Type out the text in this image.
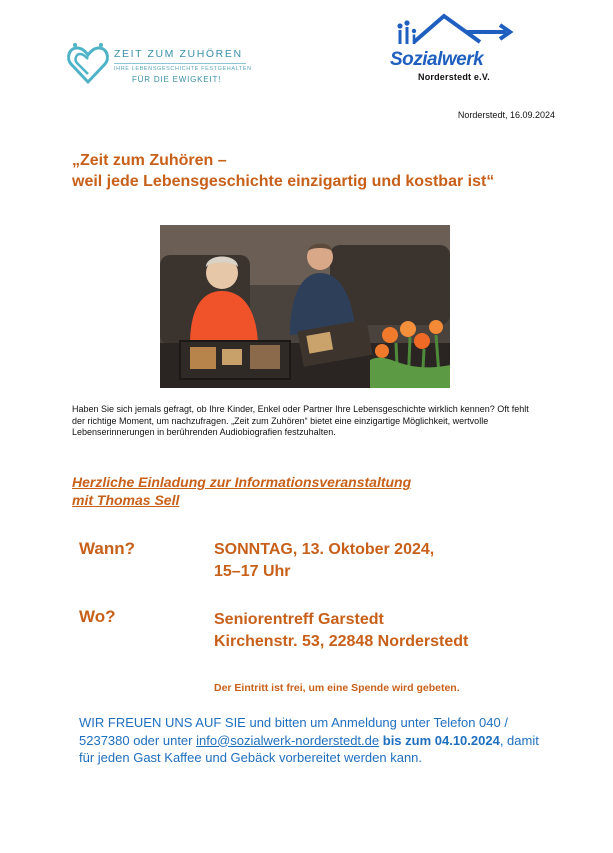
ZEIT ZUM ZUHÖREN
IHRE LEBENSGESCHICHTE FESTGEHALTEN
FÜR DIE EWIGKEIT!
Sozialwerk
Norderstedt e.V.
Norderstedt, 16.09.2024
„Zeit zum Zuhören –
weil jede Lebensgeschichte einzigartig und kostbar ist“
Haben Sie sich jemals gefragt, ob Ihre Kinder, Enkel oder Partner Ihre Lebensgeschichte wirklich kennen? Oft fehlt der richtige Moment, um nachzufragen. „Zeit zum Zuhören“ bietet eine einzigartige Möglichkeit, wertvolle Lebenserinnerungen in berührenden Audiobiografien festzuhalten.
Herzliche Einladung zur Informationsveranstaltung
mit Thomas Sell
Wann?	SONNTAG, 13. Oktober 2024,
15–17 Uhr
Wo?	Seniorentreff Garstedt
Kirchenstr. 53, 22848 Norderstedt
Der Eintritt ist frei, um eine Spende wird gebeten.
WIR FREUEN UNS AUF SIE und bitten um Anmeldung unter Telefon 040 / 5237380 oder unter info@sozialwerk-norderstedt.de bis zum 04.10.2024, damit für jeden Gast Kaffee und Gebäck vorbereitet werden kann.
